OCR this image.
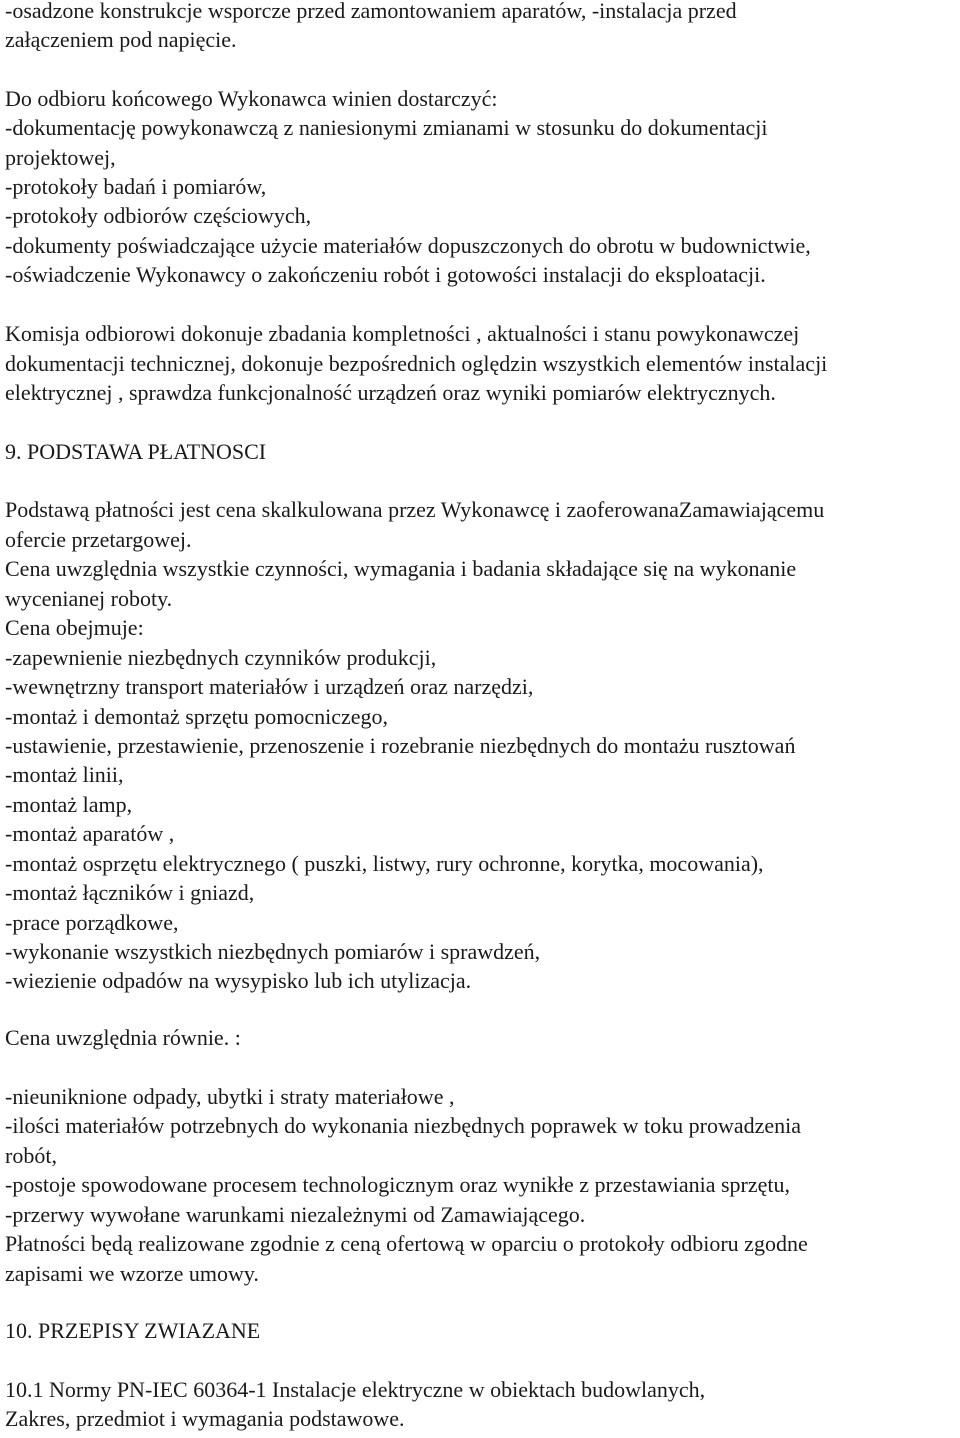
-osadzone konstrukcje wsporcze przed zamontowaniem aparatów, -instalacja przed

załączeniem pod napięcie.

Do odbioru końcowego Wykonawca winien dostarczyć:

-dokumentację powykonawczą z naniesionymi zmianami w stosunku do dokumentacji

projektowej,

-protokoły badań i pomiarów,

-protokoły odbiorów częściowych,

-dokumenty poświadczające użycie materiałów dopuszczonych do obrotu w budownictwie,

-oświadczenie Wykonawcy o zakończeniu robót i gotowości instalacji do eksploatacji.

Komisja odbiorowi dokonuje zbadania kompletności , aktualności i stanu powykonawczej

dokumentacji technicznej, dokonuje bezpośrednich oględzin wszystkich elementów instalacji

elektrycznej , sprawdza funkcjonalność urządzeń oraz wyniki pomiarów elektrycznych.

9. PODSTAWA PŁATNOSCI

Podstawą płatności jest cena skalkulowana przez Wykonawcę i zaoferowanaZamawiającemu

ofercie przetargowej.

Cena uwzględnia wszystkie czynności, wymagania i badania składające się na wykonanie

wycenianej roboty.

Cena obejmuje:

-zapewnienie niezbędnych czynników produkcji,

-wewnętrzny transport materiałów i urządzeń oraz narzędzi,

-montaż i demontaż sprzętu pomocniczego,

-ustawienie, przestawienie, przenoszenie i rozebranie niezbędnych do montażu rusztowań

-montaż linii,

-montaż lamp,

-montaż aparatów ,

-montaż osprzętu elektrycznego ( puszki, listwy, rury ochronne, korytka, mocowania),

-montaż łączników i gniazd,

-prace porządkowe,

-wykonanie wszystkich niezbędnych pomiarów i sprawdzeń,

-wiezienie odpadów na wysypisko lub ich utylizacja.

Cena uwzględnia równie. :

-nieuniknione odpady, ubytki i straty materiałowe ,

-ilości materiałów potrzebnych do wykonania niezbędnych poprawek w toku prowadzenia

robót,

-postoje spowodowane procesem technologicznym oraz wynikłe z przestawiania sprzętu,

-przerwy wywołane warunkami niezależnymi od Zamawiającego.

Płatności będą realizowane zgodnie z ceną ofertową w oparciu o protokoły odbioru zgodne

zapisami we wzorze umowy.

10. PRZEPISY ZWIAZANE

10.1 Normy PN-IEC 60364-1 Instalacje elektryczne w obiektach budowlanych,

Zakres, przedmiot i wymagania podstawowe.
